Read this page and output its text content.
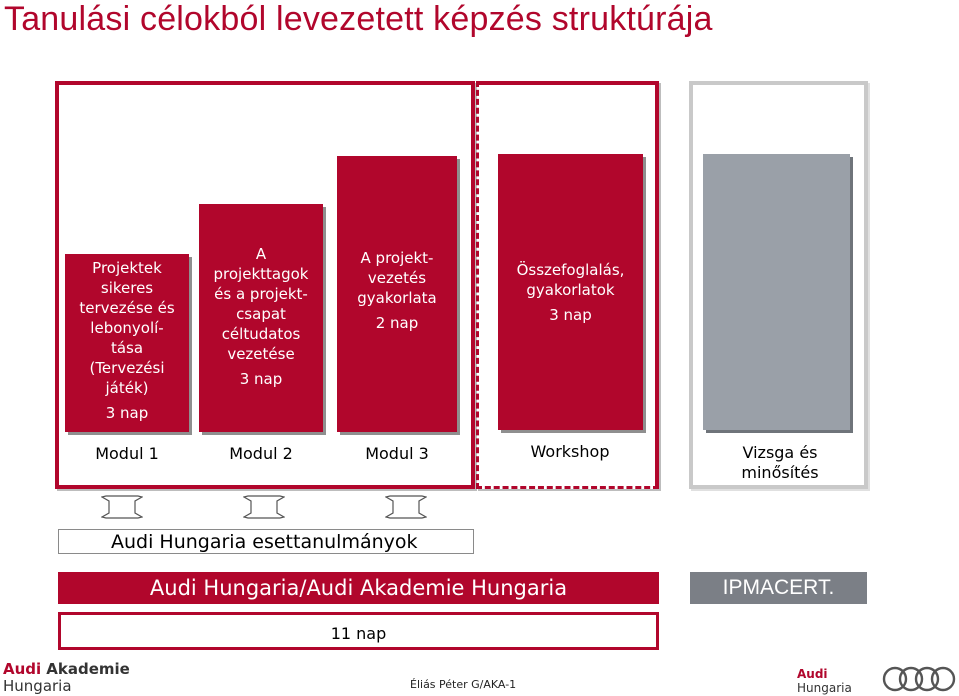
Tanulási célokból levezetett képzés struktúrája
Projektek
sikeres
tervezése és
lebonyolí-
tása
(Tervezési
játék)
3 nap
A
projekttagok
és a projekt-
csapat
céltudatos
vezetése
3 nap
A projekt-
vezetés
gyakorlata
2 nap
Összefoglalás,
gyakorlatok
3 nap
Modul 1	Modul 2	Modul 3	Workshop	Vizsga és
minősítés
Audi Hungaria esettanulmányok
Audi Hungaria/Audi Akademie Hungaria	IPMACERT.
11 nap
Audi Akademie
Hungaria	Éliás Péter G/AKA-1
Audi
Hungaria
